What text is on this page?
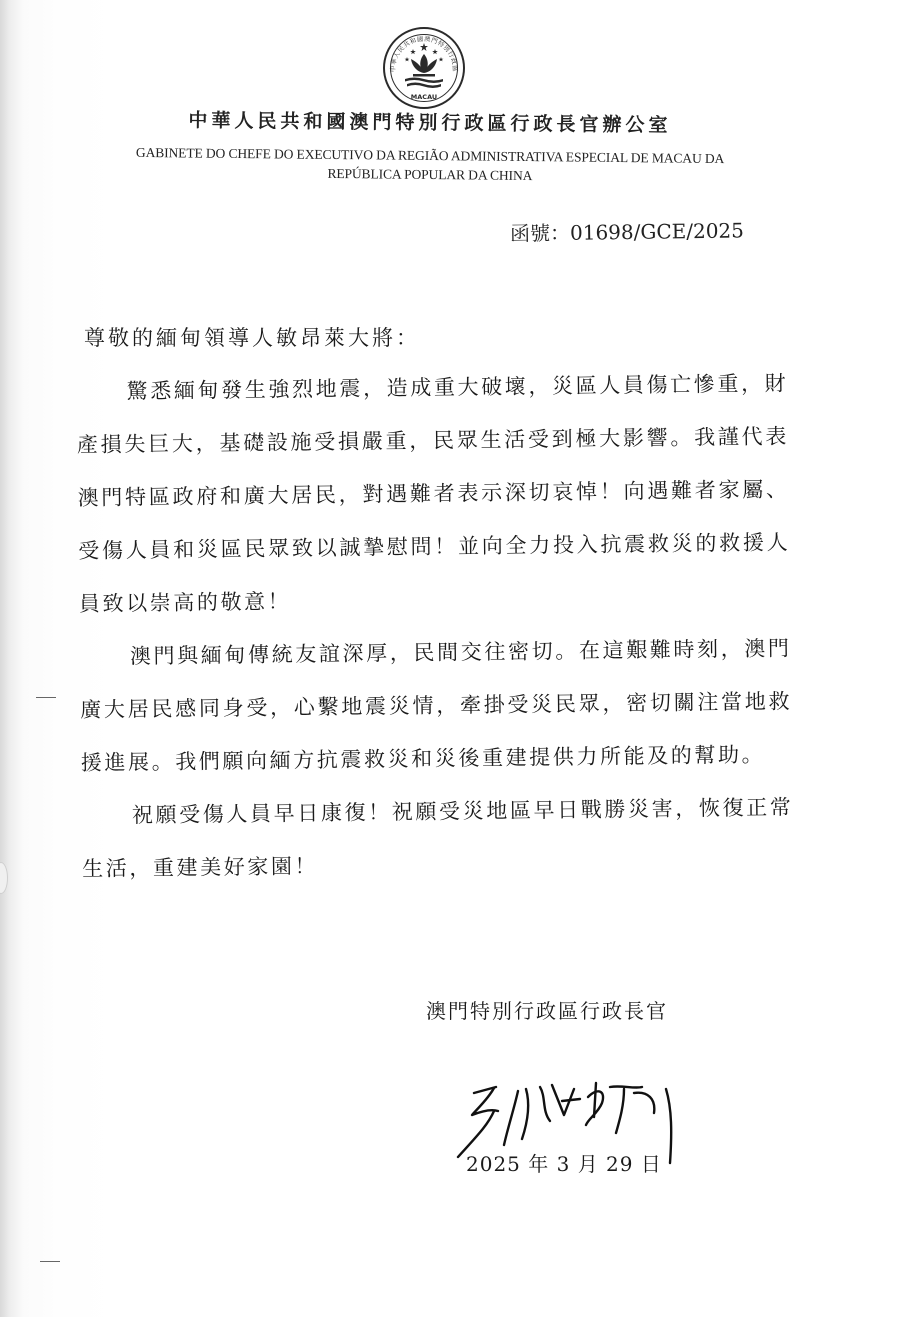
中華人民共和國澳門特別行政區
MACAU
中華人民共和國澳門特別行政區行政長官辦公室
GABINETE DO CHEFE DO EXECUTIVO DA REGIÃO ADMINISTRATIVA ESPECIAL DE MACAU DA
REPÚBLICA POPULAR DA CHINA
函號：01698/GCE/2025
尊敬的緬甸領導人敏昂萊大將：

驚悉緬甸發生強烈地震，造成重大破壞，災區人員傷亡慘重，財產損失巨大，基礎設施受損嚴重，民眾生活受到極大影響。我謹代表澳門特區政府和廣大居民，對遇難者表示深切哀悼！向遇難者家屬、受傷人員和災區民眾致以誠摯慰問！並向全力投入抗震救災的救援人員致以崇高的敬意！

澳門與緬甸傳統友誼深厚，民間交往密切。在這艱難時刻，澳門廣大居民感同身受，心繫地震災情，牽掛受災民眾，密切關注當地救援進展。我們願向緬方抗震救災和災後重建提供力所能及的幫助。

祝願受傷人員早日康復！祝願受災地區早日戰勝災害，恢復正常生活，重建美好家園！

澳門特別行政區行政長官
2025 年 3 月 29 日
